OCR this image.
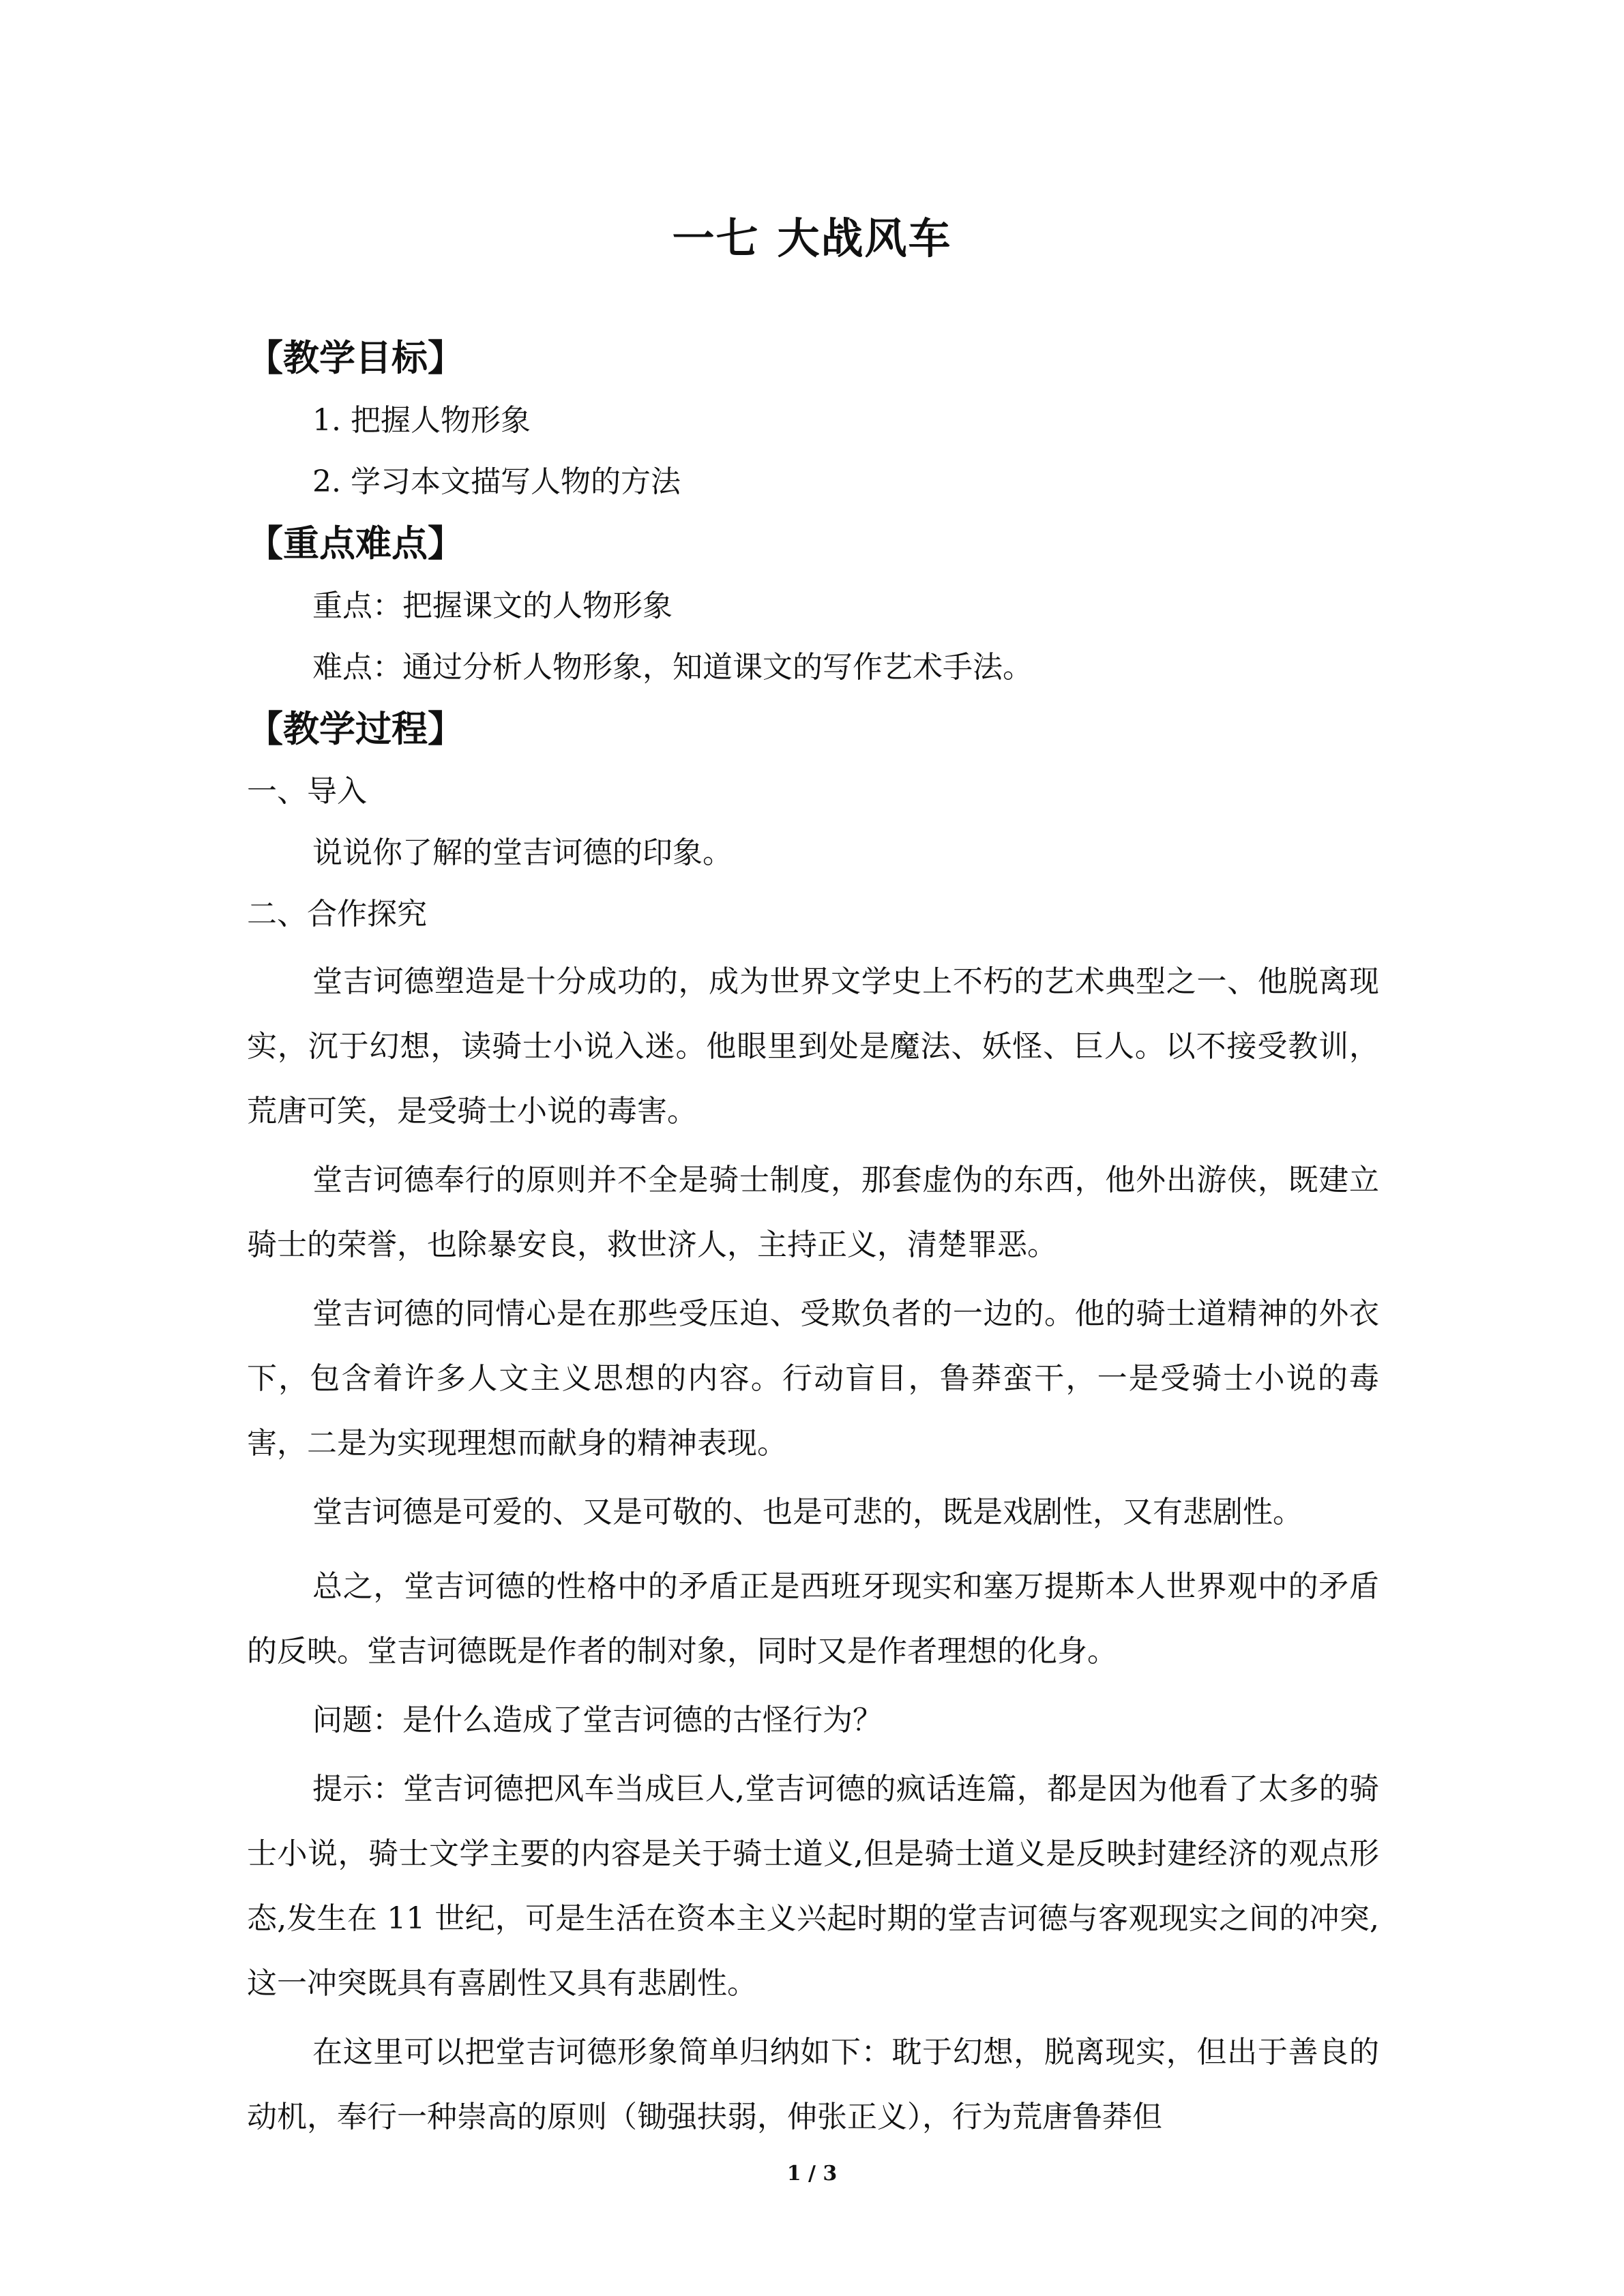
一七 大战风车
【教学目标】
1. 把握人物形象
2. 学习本文描写人物的方法
【重点难点】
重点：把握课文的人物形象
难点：通过分析人物形象，知道课文的写作艺术手法。
【教学过程】
一、导入
说说你了解的堂吉诃德的印象。
二、合作探究

堂吉诃德塑造是十分成功的，成为世界文学史上不朽的艺术典型之一、他脱离现实，沉于幻想，读骑士小说入迷。他眼里到处是魔法、妖怪、巨人。以不接受教训，荒唐可笑，是受骑士小说的毒害。

堂吉诃德奉行的原则并不全是骑士制度，那套虚伪的东西，他外出游侠，既建立骑士的荣誉，也除暴安良，救世济人，主持正义，清楚罪恶。

堂吉诃德的同情心是在那些受压迫、受欺负者的一边的。他的骑士道精神的外衣下，包含着许多人文主义思想的内容。行动盲目，鲁莽蛮干，一是受骑士小说的毒害，二是为实现理想而献身的精神表现。

堂吉诃德是可爱的、又是可敬的、也是可悲的，既是戏剧性，又有悲剧性。

总之，堂吉诃德的性格中的矛盾正是西班牙现实和塞万提斯本人世界观中的矛盾的反映。堂吉诃德既是作者的制对象，同时又是作者理想的化身。

问题：是什么造成了堂吉诃德的古怪行为？

提示：堂吉诃德把风车当成巨人,堂吉诃德的疯话连篇，都是因为他看了太多的骑士小说，骑士文学主要的内容是关于骑士道义,但是骑士道义是反映封建经济的观点形态,发生在 11 世纪，可是生活在资本主义兴起时期的堂吉诃德与客观现实之间的冲突,这一冲突既具有喜剧性又具有悲剧性。

在这里可以把堂吉诃德形象简单归纳如下：耽于幻想，脱离现实，但出于善良的动机，奉行一种崇高的原则（锄强扶弱，伸张正义），行为荒唐鲁莽但

1 / 3
